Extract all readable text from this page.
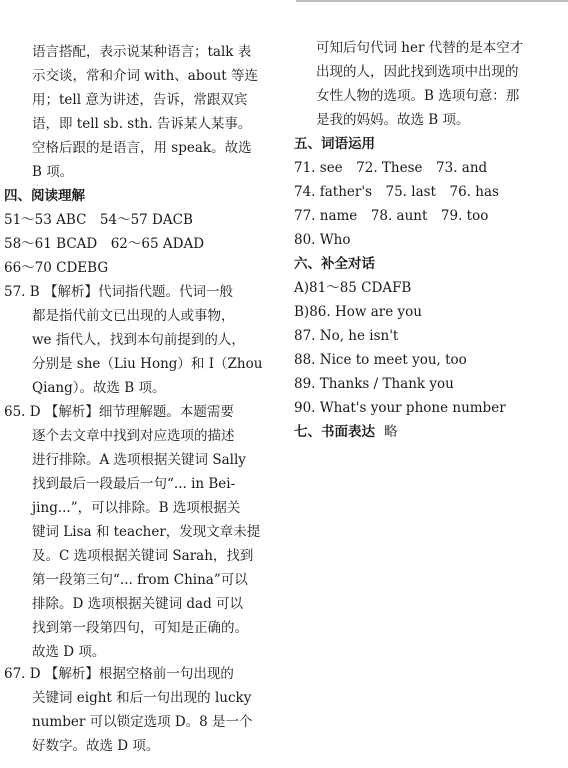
语言搭配，表示说某种语言；talk 表
示交谈，常和介词 with、about 等连
用；tell 意为讲述，告诉，常跟双宾
语，即 tell sb. sth. 告诉某人某事。
空格后跟的是语言，用 speak。故选
B 项。
四、阅读理解
51～53 ABC　54～57 DACB
58～61 BCAD　62～65 ADAD
66～70 CDEBG
57. B 【解析】代词指代题。代词一般
都是指代前文已出现的人或事物，
we 指代人，找到本句前提到的人，
分别是 she（Liu Hong）和 I（Zhou
Qiang）。故选 B 项。
65. D 【解析】细节理解题。本题需要
逐个去文章中找到对应选项的描述
进行排除。A 选项根据关键词 Sally
找到最后一段最后一句“... in Bei-
jing...”，可以排除。B 选项根据关
键词 Lisa 和 teacher，发现文章未提
及。C 选项根据关键词 Sarah，找到
第一段第三句“... from China”可以
排除。D 选项根据关键词 dad 可以
找到第一段第四句，可知是正确的。
故选 D 项。
67. D 【解析】根据空格前一句出现的
关键词 eight 和后一句出现的 lucky
number 可以锁定选项 D。8 是一个
好数字。故选 D 项。
可知后句代词 her 代替的是本空才
出现的人，因此找到选项中出现的
女性人物的选项。B 选项句意：那
是我的妈妈。故选 B 项。
五、词语运用
71. see　72. These　73. and
74. father's　75. last　76. has
77. name　78. aunt　79. too
80. Who
六、补全对话
A)81～85 CDAFB
B)86. How are you
87. No, he isn't
88. Nice to meet you, too
89. Thanks / Thank you
90. What's your phone number
七、书面表达 略
